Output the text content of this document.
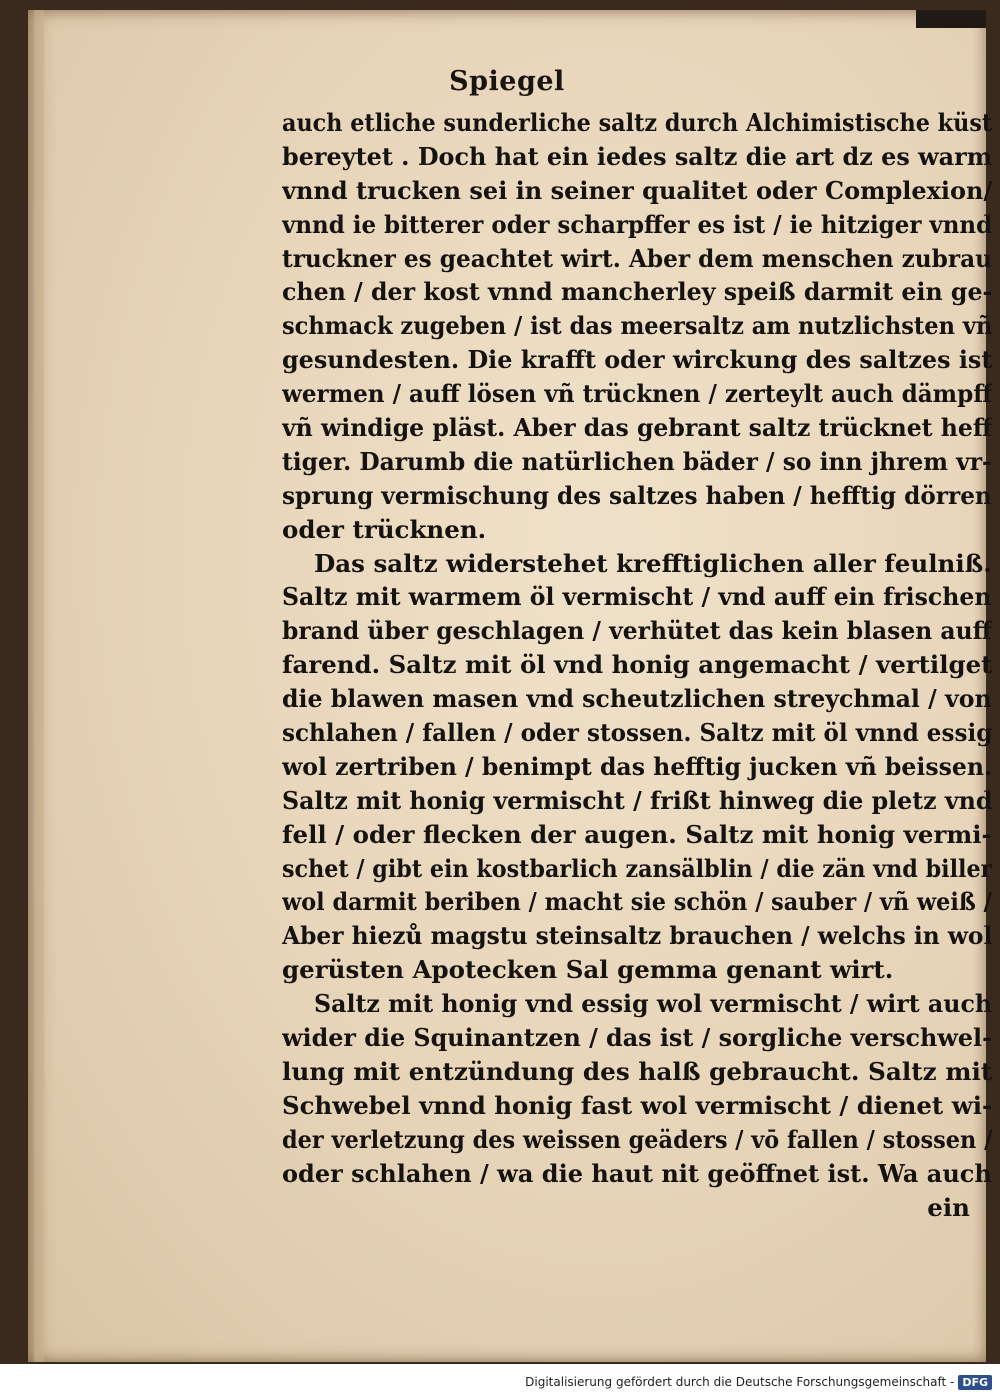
Spiegel
auch etliche sunderliche saltz durch Alchimistische küst
bereytet . Doch hat ein iedes saltz die art dz es warm
vnnd trucken sei in seiner qualitet oder Complexion/
vnnd ie bitterer oder scharpffer es ist / ie hitziger vnnd
truckner es geachtet wirt. Aber dem menschen zubrau
chen / der kost vnnd mancherley speiß darmit ein ge-
schmack zugeben / ist das meersaltz am nutzlichsten vñ
gesundesten. Die krafft oder wirckung des saltzes ist
wermen / auff lösen vñ trücknen / zerteylt auch dämpff
vñ windige pläst. Aber das gebrant saltz trücknet heff
tiger. Darumb die natürlichen bäder / so inn jhrem vr-
sprung vermischung des saltzes haben / hefftig dörren
oder trücknen.
Das saltz widerstehet krefftiglichen aller feulniß.
Saltz mit warmem öl vermischt / vnd auff ein frischen
brand über geschlagen / verhütet das kein blasen auff
farend. Saltz mit öl vnd honig angemacht / vertilget
die blawen masen vnd scheutzlichen streychmal / von
schlahen / fallen / oder stossen. Saltz mit öl vnnd essig
wol zertriben / benimpt das hefftig jucken vñ beissen.
Saltz mit honig vermischt / frißt hinweg die pletz vnd
fell / oder flecken der augen. Saltz mit honig vermi-
schet / gibt ein kostbarlich zansälblin / die zän vnd biller
wol darmit beriben / macht sie schön / sauber / vñ weiß /
Aber hiezů magstu steinsaltz brauchen / welchs in wol
gerüsten Apotecken Sal gemma genant wirt.
Saltz mit honig vnd essig wol vermischt / wirt auch
wider die Squinantzen / das ist / sorgliche verschwel-
lung mit entzündung des halß gebraucht. Saltz mit
Schwebel vnnd honig fast wol vermischt / dienet wi-
der verletzung des weissen geäders / vō fallen / stossen /
oder schlahen / wa die haut nit geöffnet ist. Wa auch
ein
Digitalisierung gefördert durch die Deutsche Forschungsgemeinschaft - DFG
